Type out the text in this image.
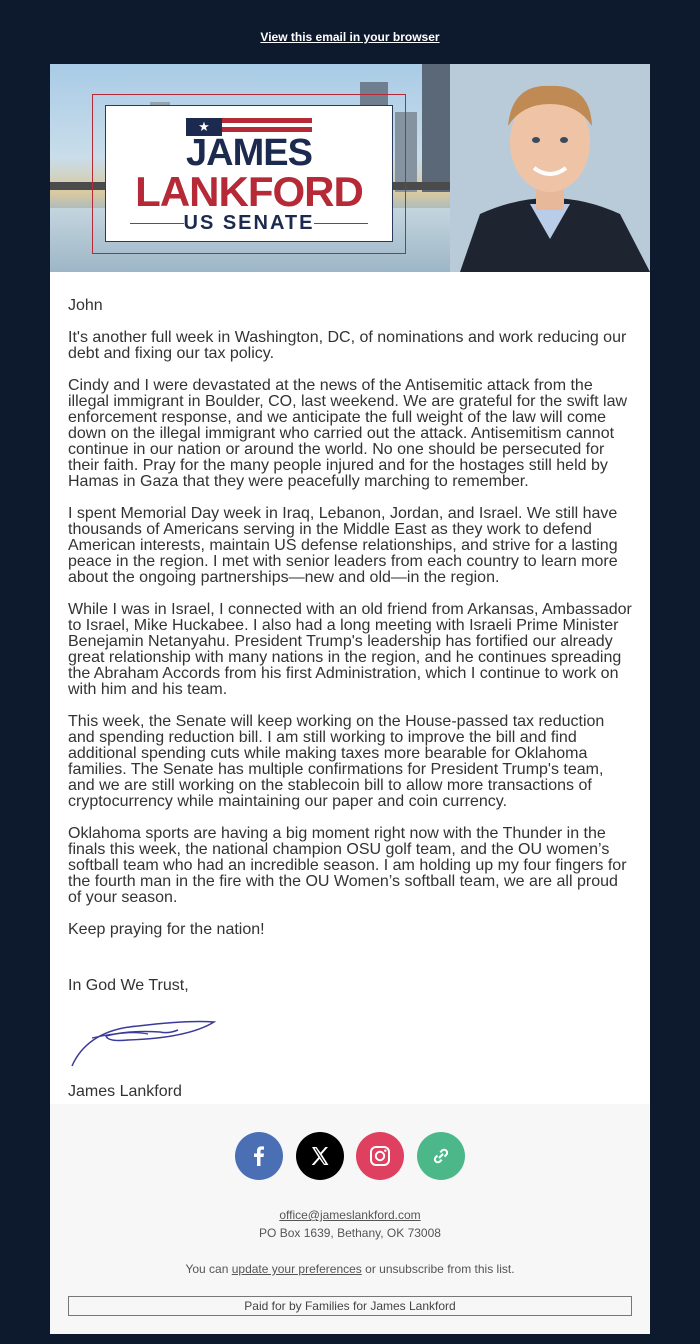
View this email in your browser
★
JAMES
LANKFORD
US SENATE

John

It's another full week in Washington, DC, of nominations and work reducing our debt and fixing our tax policy.

Cindy and I were devastated at the news of the Antisemitic attack from the illegal immigrant in Boulder, CO, last weekend. We are grateful for the swift law enforcement response, and we anticipate the full weight of the law will come down on the illegal immigrant who carried out the attack. Antisemitism cannot continue in our nation or around the world. No one should be persecuted for their faith. Pray for the many people injured and for the hostages still held by Hamas in Gaza that they were peacefully marching to remember.

I spent Memorial Day week in Iraq, Lebanon, Jordan, and Israel. We still have thousands of Americans serving in the Middle East as they work to defend American interests, maintain US defense relationships, and strive for a lasting peace in the region. I met with senior leaders from each country to learn more about the ongoing partnerships—new and old—in the region.

While I was in Israel, I connected with an old friend from Arkansas, Ambassador to Israel, Mike Huckabee. I also had a long meeting with Israeli Prime Minister Benejamin Netanyahu. President Trump's leadership has fortified our already great relationship with many nations in the region, and he continues spreading the Abraham Accords from his first Administration, which I continue to work on with him and his team.

This week, the Senate will keep working on the House-passed tax reduction and spending reduction bill. I am still working to improve the bill and find additional spending cuts while making taxes more bearable for Oklahoma families. The Senate has multiple confirmations for President Trump's team, and we are still working on the stablecoin bill to allow more transactions of cryptocurrency while maintaining our paper and coin currency.

Oklahoma sports are having a big moment right now with the Thunder in the finals this week, the national champion OSU golf team, and the OU women’s softball team who had an incredible season. I am holding up my four fingers for the fourth man in the fire with the OU Women’s softball team, we are all proud of your season.

Keep praying for the nation!

In God We Trust,

James Lankford

office@jameslankford.com
PO Box 1639, Bethany, OK 73008
You can update your preferences or unsubscribe from this list.
Paid for by Families for James Lankford
